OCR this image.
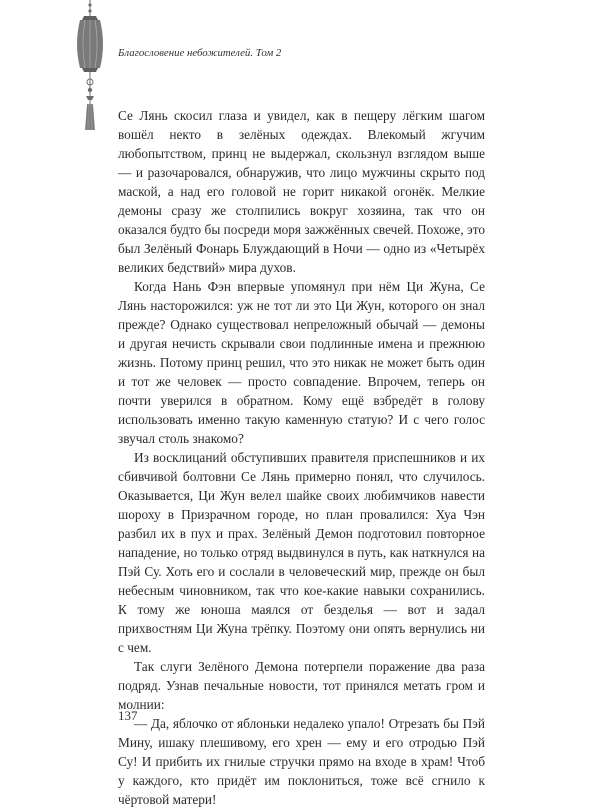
Благословение небожителей. Том 2

Се Лянь скосил глаза и увидел, как в пещеру лёгким шагом вошёл некто в зелёных одеждах. Влекомый жгучим любопытством, принц не выдержал, скользнул взглядом выше — и разочаровался, обнаружив, что лицо мужчины скрыто под маской, а над его головой не горит никакой огонёк. Мелкие демоны сразу же столпились вокруг хозяина, так что он оказался будто бы посреди моря зажжённых свечей. Похоже, это был Зелёный Фонарь Блуждающий в Ночи — одно из «Четырёх великих бедствий» мира духов.

Когда Нань Фэн впервые упомянул при нём Ци Жуна, Се Лянь насторожился: уж не тот ли это Ци Жун, которого он знал прежде? Однако существовал непреложный обычай — демоны и другая нечисть скрывали свои подлинные имена и прежнюю жизнь. Потому принц решил, что это никак не может быть один и тот же человек — просто совпадение. Впрочем, теперь он почти уверился в обратном. Кому ещё взбредёт в голову использовать именно такую каменную статую? И с чего голос звучал столь знакомо?

Из восклицаний обступивших правителя приспешников и их сбивчивой болтовни Се Лянь примерно понял, что случилось. Оказывается, Ци Жун велел шайке своих любимчиков навести шороху в Призрачном городе, но план провалился: Хуа Чэн разбил их в пух и прах. Зелёный Демон подготовил повторное нападение, но только отряд выдвинулся в путь, как наткнулся на Пэй Су. Хоть его и сослали в человеческий мир, прежде он был небесным чиновником, так что кое-какие навыки сохранились. К тому же юноша маялся от безделья — вот и задал прихвостням Ци Жуна трёпку. Поэтому они опять вернулись ни с чем.

Так слуги Зелёного Демона потерпели поражение два раза подряд. Узнав печальные новости, тот принялся метать гром и молнии:

— Да, яблочко от яблоньки недалеко упало! Отрезать бы Пэй Мину, ишаку плешивому, его хрен — ему и его отродью Пэй Су! И прибить их гнилые стручки прямо на входе в храм! Чтоб у каждого, кто придёт им поклониться, тоже всё сгнило к чёртовой матери!

137
